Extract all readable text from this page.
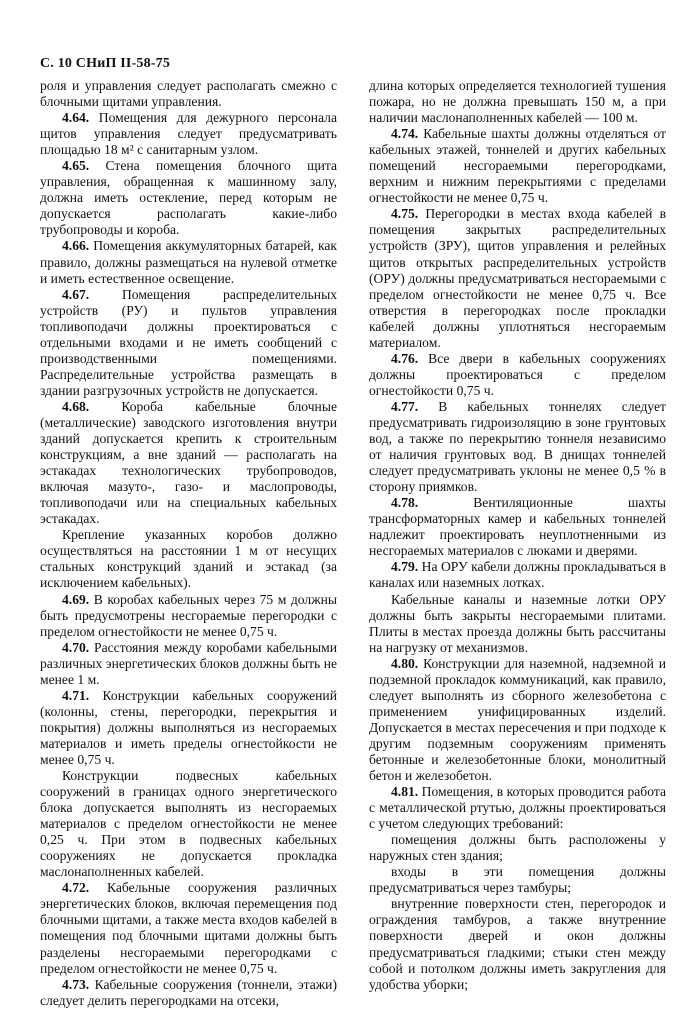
С. 10 СНиП II-58-75

роля и управления следует располагать смежно с блочными щитами управления.

4.64. Помещения для дежурного персонала щитов управления следует предусматривать площадью 18 м² с санитарным узлом.

4.65. Стена помещения блочного щита управления, обращенная к машинному залу, должна иметь остекление, перед которым не допускается располагать какие-либо трубопроводы и короба.

4.66. Помещения аккумуляторных батарей, как правило, должны размещаться на нулевой отметке и иметь естественное освещение.

4.67. Помещения распределительных устройств (РУ) и пультов управления топливоподачи должны проектироваться с отдельными входами и не иметь сообщений с производственными помещениями. Распределительные устройства размещать в здании разгрузочных устройств не допускается.

4.68. Короба кабельные блочные (металлические) заводского изготовления внутри зданий допускается крепить к строительным конструкциям, а вне зданий — располагать на эстакадах технологических трубопроводов, включая мазуто-, газо- и маслопроводы, топливоподачи или на специальных кабельных эстакадах.

Крепление указанных коробов должно осуществляться на расстоянии 1 м от несущих стальных конструкций зданий и эстакад (за исключением кабельных).

4.69. В коробах кабельных через 75 м должны быть предусмотрены несгораемые перегородки с пределом огнестойкости не менее 0,75 ч.

4.70. Расстояния между коробами кабельными различных энергетических блоков должны быть не менее 1 м.

4.71. Конструкции кабельных сооружений (колонны, стены, перегородки, перекрытия и покрытия) должны выполняться из несгораемых материалов и иметь пределы огнестойкости не менее 0,75 ч.

Конструкции подвесных кабельных сооружений в границах одного энергетического блока допускается выполнять из несгораемых материалов с пределом огнестойкости не менее 0,25 ч. При этом в подвесных кабельных сооружениях не допускается прокладка маслонаполненных кабелей.

4.72. Кабельные сооружения различных энергетических блоков, включая перемещения под блочными щитами, а также места входов кабелей в помещения под блочными щитами должны быть разделены несгораемыми перегородками с пределом огнестойкости не менее 0,75 ч.

4.73. Кабельные сооружения (тоннели, этажи) следует делить перегородками на отсеки,

длина которых определяется технологией тушения пожара, но не должна превышать 150 м, а при наличии маслонаполненных кабелей — 100 м.

4.74. Кабельные шахты должны отделяться от кабельных этажей, тоннелей и других кабельных помещений несгораемыми перегородками, верхним и нижним перекрытиями с пределами огнестойкости не менее 0,75 ч.

4.75. Перегородки в местах входа кабелей в помещения закрытых распределительных устройств (ЗРУ), щитов управления и релейных щитов открытых распределительных устройств (ОРУ) должны предусматриваться несгораемыми с пределом огнестойкости не менее 0,75 ч. Все отверстия в перегородках после прокладки кабелей должны уплотняться несгораемым материалом.

4.76. Все двери в кабельных сооружениях должны проектироваться с пределом огнестойкости 0,75 ч.

4.77. В кабельных тоннелях следует предусматривать гидроизоляцию в зоне грунтовых вод, а также по перекрытию тоннеля независимо от наличия грунтовых вод. В днищах тоннелей следует предусматривать уклоны не менее 0,5 % в сторону приямков.

4.78.	Вентиляционные шахты трансформаторных камер и кабельных тоннелей надлежит проектировать неуплотненными из несгораемых материалов с люками и дверями.

4.79. На ОРУ кабели должны прокладываться в каналах или наземных лотках.

Кабельные каналы и наземные лотки ОРУ должны быть закрыты несгораемыми плитами. Плиты в местах проезда должны быть рассчитаны на нагрузку от механизмов.

4.80. Конструкции для наземной, надземной и подземной прокладок коммуникаций, как правило, следует выполнять из сборного железобетона с применением унифицированных изделий. Допускается в местах пересечения и при подходе к другим подземным сооружениям применять бетонные и железобетонные блоки, монолитный бетон и железобетон.

4.81. Помещения, в которых проводится работа с металлической ртутью, должны проектироваться с учетом следующих требований:

помещения должны быть расположены у наружных стен здания;

входы в эти помещения должны предусматриваться через тамбуры;

внутренние поверхности стен, перегородок и ограждения тамбуров, а также внутренние поверхности дверей и окон должны предусматриваться гладкими; стыки стен между собой и потолком должны иметь закругления для удобства уборки;
